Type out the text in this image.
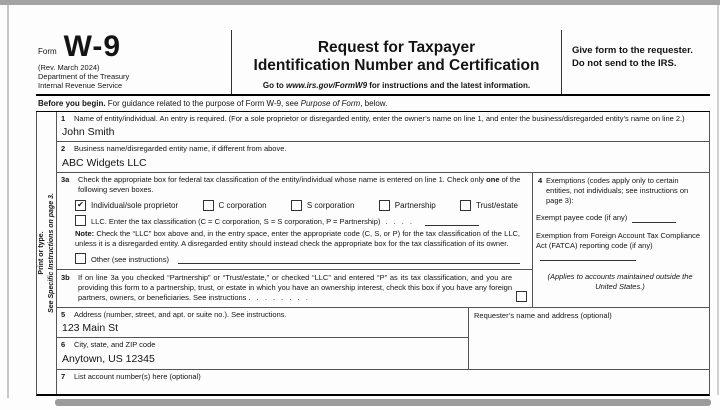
Form W-9
(Rev. March 2024)
Department of the Treasury
Internal Revenue Service
Request for Taxpayer
Identification Number and Certification
Go to www.irs.gov/FormW9 for instructions and the latest information.
Give form to the requester. Do not send to the IRS.
Before you begin. For guidance related to the purpose of Form W-9, see Purpose of Form, below.
Print or type. See Specific Instructions on page 3.
1	Name of entity/individual. An entry is required. (For a sole proprietor or disregarded entity, enter the owner’s name on line 1, and enter the business/disregarded entity’s name on line 2.)
John Smith
2	Business name/disregarded entity name, if different from above.
ABC Widgets LLC
3a	Check the appropriate box for federal tax classification of the entity/individual whose name is entered on line 1. Check only one of the following seven boxes.
✔ Individual/sole proprietor	C corporation	S corporation	Partnership	Trust/estate
LLC. Enter the tax classification (C = C corporation, S = S corporation, P = Partnership) . . . .
Note: Check the “LLC” box above and, in the entry space, enter the appropriate code (C, S, or P) for the tax classification of the LLC, unless it is a disregarded entity. A disregarded entity should instead check the appropriate box for the tax classification of its owner.
Other (see instructions)
3b	If on line 3a you checked “Partnership” or “Trust/estate,” or checked “LLC” and entered “P” as its tax classification, and you are providing this form to a partnership, trust, or estate in which you have an ownership interest, check this box if you have any foreign partners, owners, or beneficiaries. See instructions . . . . . . . .
4 Exemptions (codes apply only to certain entities, not individuals; see instructions on page 3):
Exempt payee code (if any)
Exemption from Foreign Account Tax Compliance Act (FATCA) reporting code (if any)
(Applies to accounts maintained outside the United States.)
5	Address (number, street, and apt. or suite no.). See instructions.
123 Main St
6	City, state, and ZIP code
Anytown, US 12345
Requester’s name and address (optional)
7	List account number(s) here (optional)
